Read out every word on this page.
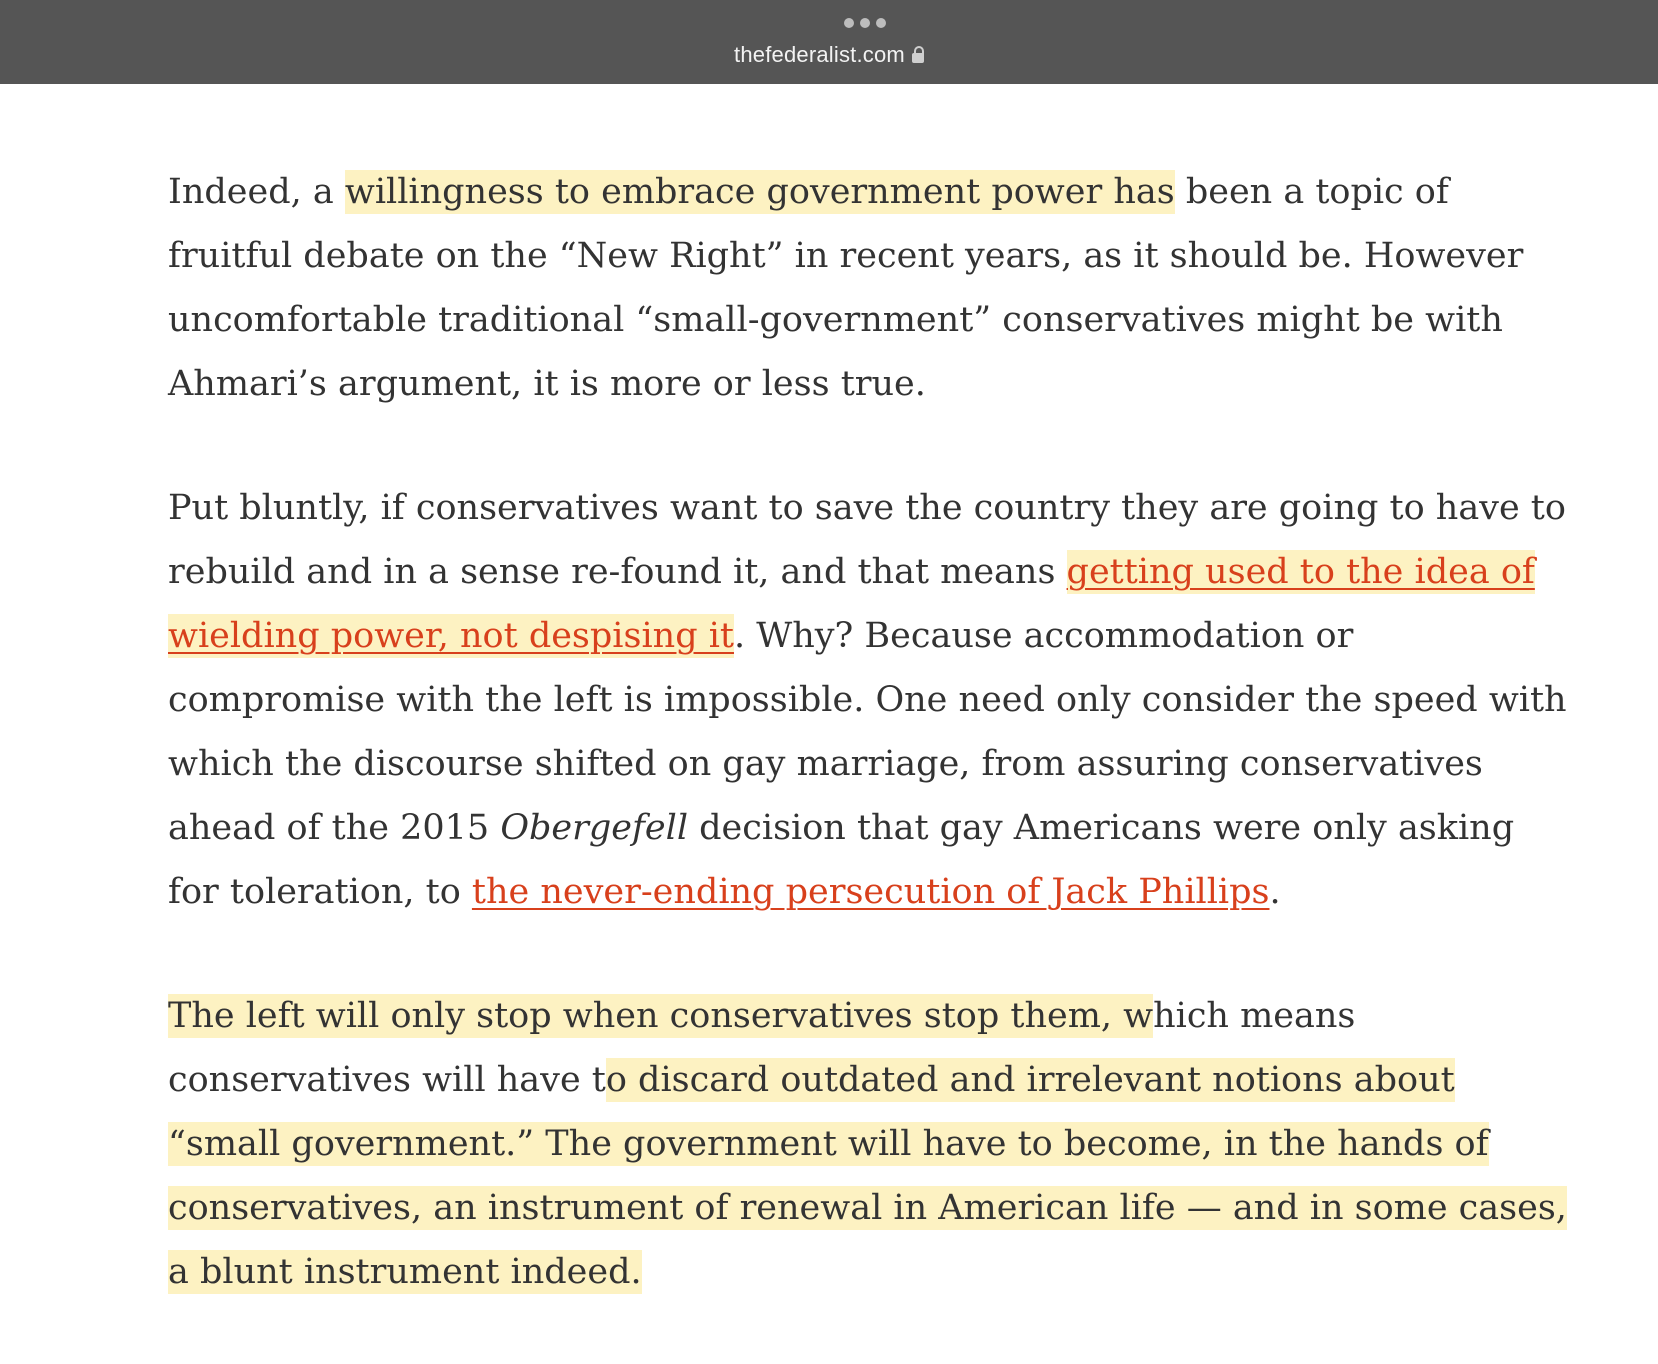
thefederalist.com

Indeed, a willingness to embrace government power has been a topic of fruitful debate on the “New Right” in recent years, as it should be. However uncomfortable traditional “small-government” conservatives might be with Ahmari’s argument, it is more or less true.

Put bluntly, if conservatives want to save the country they are going to have to rebuild and in a sense re-found it, and that means getting used to the idea of wielding power, not despising it. Why? Because accommodation or compromise with the left is impossible. One need only consider the speed with which the discourse shifted on gay marriage, from assuring conservatives ahead of the 2015 Obergefell decision that gay Americans were only asking for toleration, to the never-ending persecution of Jack Phillips.

The left will only stop when conservatives stop them, which means conservatives will have to discard outdated and irrelevant notions about “small government.” The government will have to become, in the hands of conservatives, an instrument of renewal in American life — and in some cases, a blunt instrument indeed.
